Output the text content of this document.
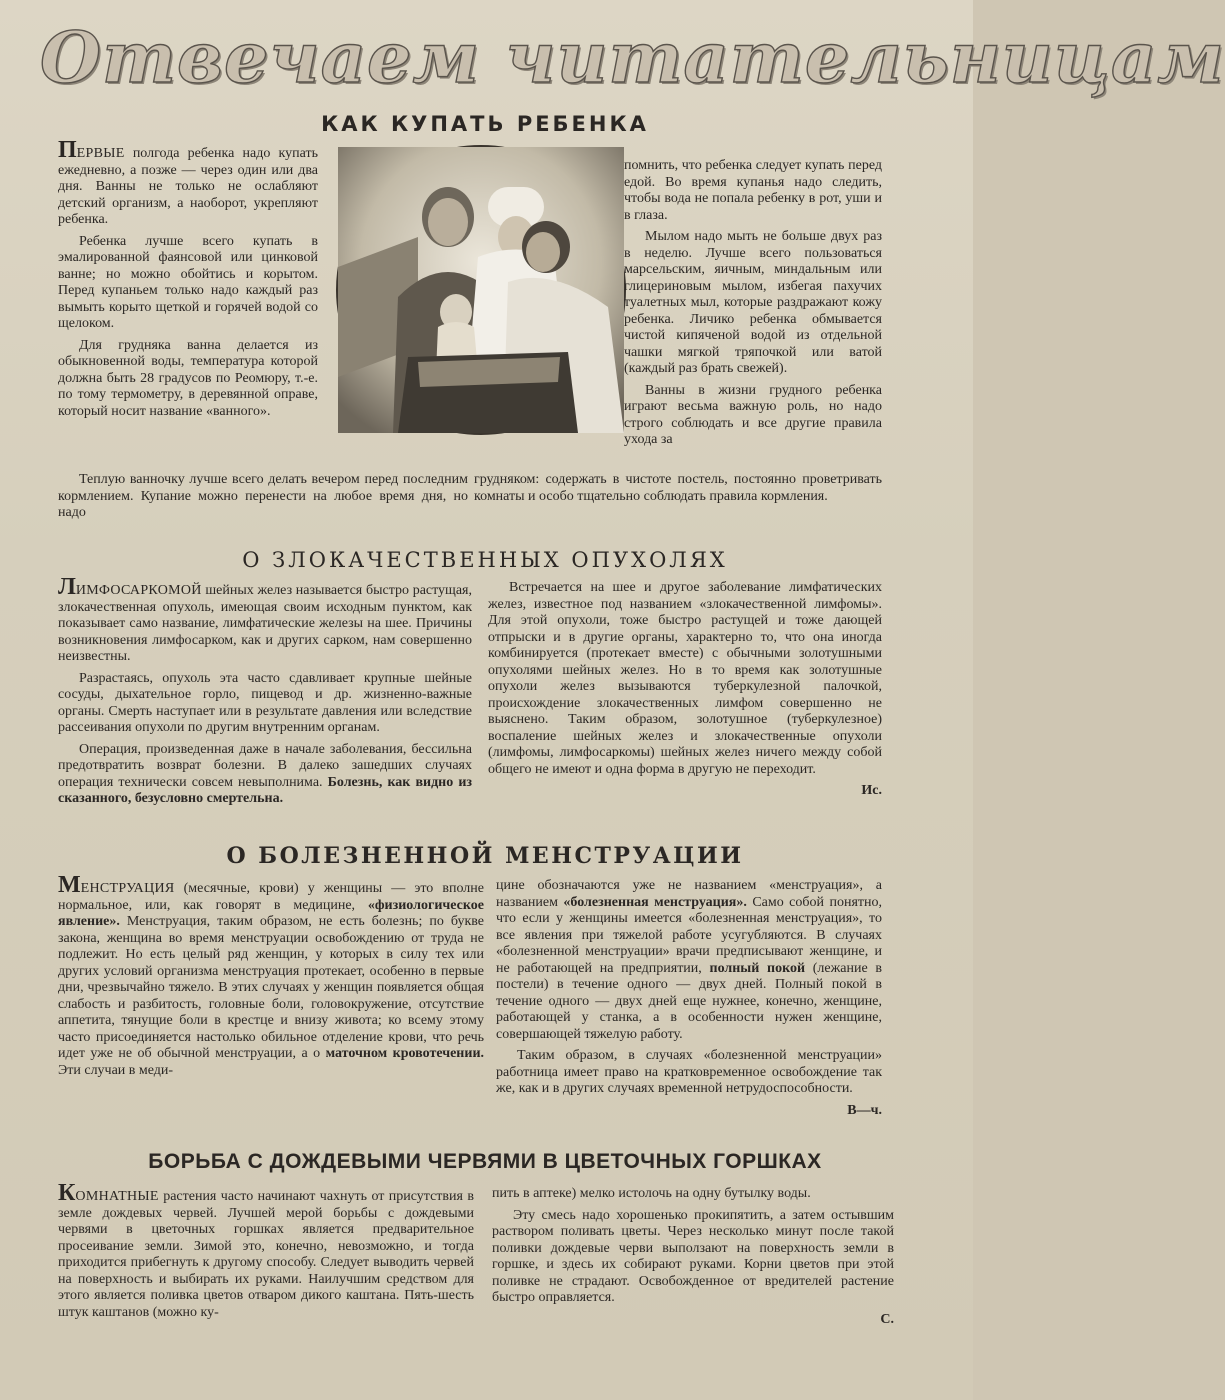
Отвечаем читательницам
КАК КУПАТЬ РЕБЕНКА

ПЕРВЫЕ полгода ребенка надо купать ежедневно, а позже — через один или два дня. Ванны не только не ослабляют детский организм, а наоборот, укрепляют ребенка.

Ребенка лучше всего купать в эмалированной фаянсовой или цинковой ванне; но можно обойтись и корытом. Перед купаньем только надо каждый раз вымыть корыто щеткой и горячей водой со щелоком.

Для грудняка ванна делается из обыкновенной воды, температура которой должна быть 28 градусов по Реомюру, т.-е. по тому термометру, в деревянной оправе, который носит название «ванного».

помнить, что ребенка следует купать перед едой. Во время купанья надо следить, чтобы вода не попала ребенку в рот, уши и в глаза.

Мылом надо мыть не больше двух раз в неделю. Лучше всего пользоваться марсельским, яичным, миндальным или глицериновым мылом, избегая пахучих туалетных мыл, которые раздражают кожу ребенка. Личико ребенка обмывается чистой кипяченой водой из отдельной чашки мягкой тряпочкой или ватой (каждый раз брать свежей).

Ванны в жизни грудного ребенка играют весьма важную роль, но надо строго соблюдать и все другие правила ухода за

Теплую ванночку лучше всего делать вечером перед последним кормлением. Купание можно перенести на любое время дня, но надо

грудняком: содержать в чистоте постель, постоянно проветривать комнаты и особо тщательно соблюдать правила кормления.

О ЗЛОКАЧЕСТВЕННЫХ ОПУХОЛЯХ

ЛИМФОСАРКОМОЙ шейных желез называется быстро растущая, злокачественная опухоль, имеющая своим исходным пунктом, как показывает само название, лимфатические железы на шее. Причины возникновения лимфосарком, как и других сарком, нам совершенно неизвестны.

Разрастаясь, опухоль эта часто сдавливает крупные шейные сосуды, дыхательное горло, пищевод и др. жизненно-важные органы. Смерть наступает или в результате давления или вследствие рассеивания опухоли по другим внутренним органам.

Операция, произведенная даже в начале заболевания, бессильна предотвратить возврат болезни. В далеко зашедших случаях операция технически совсем невыполнима. Болезнь, как видно из сказанного, безусловно смертельна.

Встречается на шее и другое заболевание лимфатических желез, известное под названием «злокачественной лимфомы». Для этой опухоли, тоже быстро растущей и тоже дающей отпрыски и в другие органы, характерно то, что она иногда комбинируется (протекает вместе) с обычными золотушными опухолями шейных желез. Но в то время как золотушные опухоли желез вызываются туберкулезной палочкой, происхождение злокачественных лимфом совершенно не выяснено. Таким образом, золотушное (туберкулезное) воспаление шейных желез и злокачественные опухоли (лимфомы, лимфосаркомы) шейных желез ничего между собой общего не имеют и одна форма в другую не переходит.

Ис.
О БОЛЕЗНЕННОЙ МЕНСТРУАЦИИ

МЕНСТРУАЦИЯ (месячные, крови) у женщины — это вполне нормальное, или, как говорят в медицине, «физиологическое явление». Менструация, таким образом, не есть болезнь; по букве закона, женщина во время менструации освобождению от труда не подлежит. Но есть целый ряд женщин, у которых в силу тех или других условий организма менструация протекает, особенно в первые дни, чрезвычайно тяжело. В этих случаях у женщин появляется общая слабость и разбитость, головные боли, головокружение, отсутствие аппетита, тянущие боли в крестце и внизу живота; ко всему этому часто присоединяется настолько обильное отделение крови, что речь идет уже не об обычной менструации, а о маточном кровотечении. Эти случаи в меди-

цине обозначаются уже не названием «менструация», а названием «болезненная менструация». Само собой понятно, что если у женщины имеется «болезненная менструация», то все явления при тяжелой работе усугубляются. В случаях «болезненной менструации» врачи предписывают женщине, и не работающей на предприятии, полный покой (лежание в постели) в течение одного — двух дней. Полный покой в течение одного — двух дней еще нужнее, конечно, женщине, работающей у станка, а в особенности нужен женщине, совершающей тяжелую работу.

Таким образом, в случаях «болезненной менструации» работница имеет право на кратковременное освобождение так же, как и в других случаях временной нетрудоспособности.

В—ч.
БОРЬБА С ДОЖДЕВЫМИ ЧЕРВЯМИ В ЦВЕТОЧНЫХ ГОРШКАХ

КОМНАТНЫЕ растения часто начинают чахнуть от присутствия в земле дождевых червей. Лучшей мерой борьбы с дождевыми червями в цветочных горшках является предварительное просеивание земли. Зимой это, конечно, невозможно, и тогда приходится прибегнуть к другому способу. Следует выводить червей на поверхность и выбирать их руками. Наилучшим средством для этого является поливка цветов отваром дикого каштана. Пять-шесть штук каштанов (можно ку-

пить в аптеке) мелко истолочь на одну бутылку воды.

Эту смесь надо хорошенько прокипятить, а затем остывшим раствором поливать цветы. Через несколько минут после такой поливки дождевые черви выползают на поверхность земли в горшке, и здесь их собирают руками. Корни цветов при этой поливке не страдают. Освобожденное от вредителей растение быстро оправляется.

С.
